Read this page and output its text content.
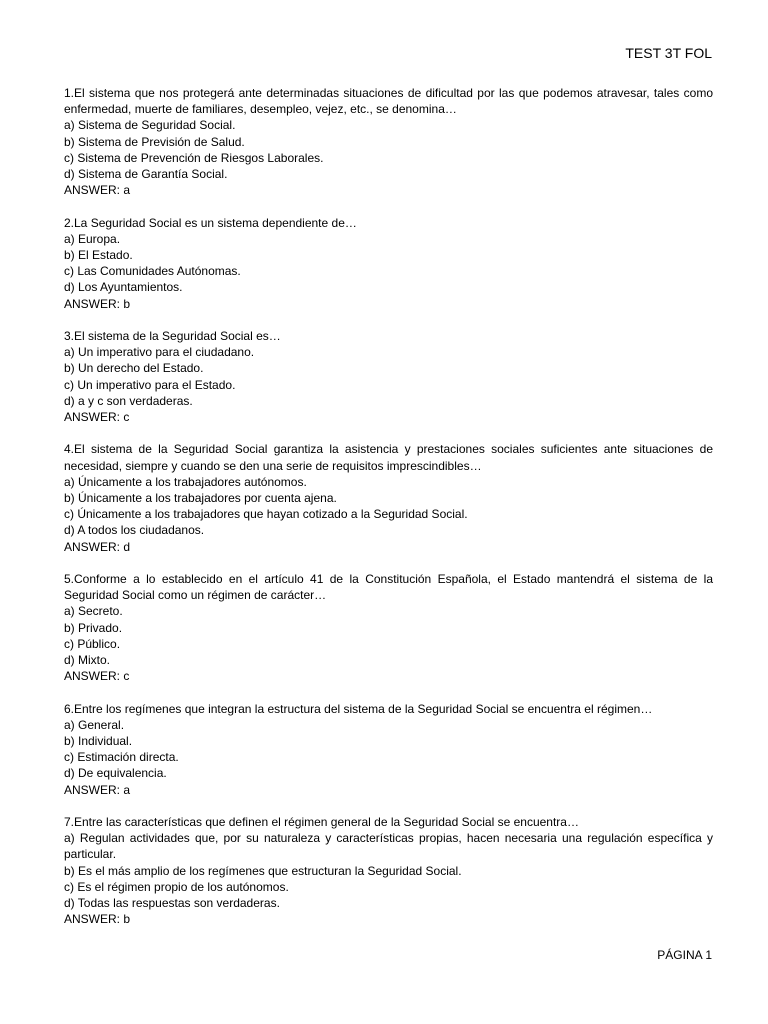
TEST 3T FOL
1.El sistema que nos protegerá ante determinadas situaciones de dificultad por las que podemos atravesar, tales como enfermedad, muerte de familiares, desempleo, vejez, etc., se denomina…
a) Sistema de Seguridad Social.
b) Sistema de Previsión de Salud.
c) Sistema de Prevención de Riesgos Laborales.
d) Sistema de Garantía Social.
ANSWER: a
2.La Seguridad Social es un sistema dependiente de…
a) Europa.
b) El Estado.
c) Las Comunidades Autónomas.
d) Los Ayuntamientos.
ANSWER: b
3.El sistema de la Seguridad Social es…
a) Un imperativo para el ciudadano.
b) Un derecho del Estado.
c) Un imperativo para el Estado.
d) a y c son verdaderas.
ANSWER: c
4.El sistema de la Seguridad Social garantiza la asistencia y prestaciones sociales suficientes ante situaciones de necesidad, siempre y cuando se den una serie de requisitos imprescindibles…
a) Únicamente a los trabajadores autónomos.
b) Únicamente a los trabajadores por cuenta ajena.
c) Únicamente a los trabajadores que hayan cotizado a la Seguridad Social.
d) A todos los ciudadanos.
ANSWER: d
5.Conforme a lo establecido en el artículo 41 de la Constitución Española, el Estado mantendrá el sistema de la Seguridad Social como un régimen de carácter…
a) Secreto.
b) Privado.
c) Público.
d) Mixto.
ANSWER: c
6.Entre los regímenes que integran la estructura del sistema de la Seguridad Social se encuentra el régimen…
a) General.
b) Individual.
c) Estimación directa.
d) De equivalencia.
ANSWER: a
7.Entre las características que definen el régimen general de la Seguridad Social se encuentra…
a) Regulan actividades que, por su naturaleza y características propias, hacen necesaria una regulación específica y particular.
b) Es el más amplio de los regímenes que estructuran la Seguridad Social.
c) Es el régimen propio de los autónomos.
d) Todas las respuestas son verdaderas.
ANSWER: b
PÁGINA 1
